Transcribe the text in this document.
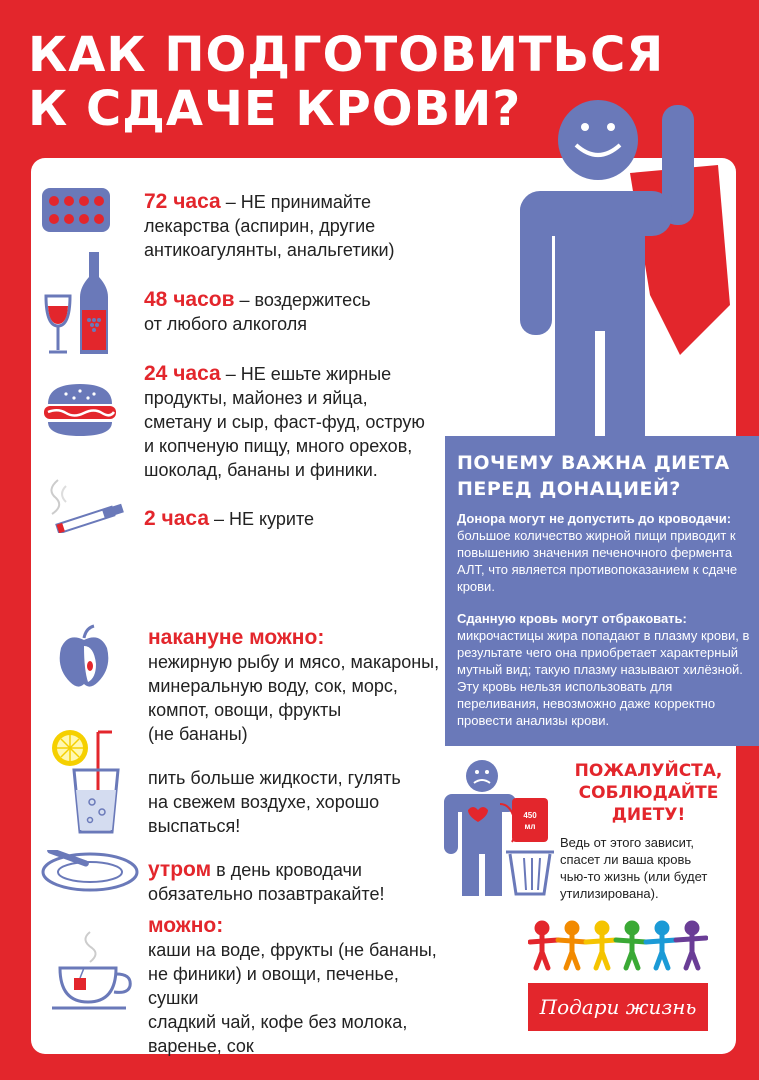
КАК ПОДГОТОВИТЬСЯ
К СДАЧЕ КРОВИ?
72 часа – НЕ принимайте
лекарства (аспирин, другие
антикоагулянты, анальгетики)
48 часов – воздержитесь
от любого алкоголя
24 часа – НЕ ешьте жирные
продукты, майонез и яйца,
сметану и сыр, фаст-фуд, острую
и копченую пищу, много орехов,
шоколад, бананы и финики.
2 часа – НЕ курите
накануне можно:
нежирную рыбу и мясо, макароны,
минеральную воду, сок, морс,
компот, овощи, фрукты
(не бананы)
пить больше жидкости, гулять
на свежем воздухе, хорошо
выспаться!
утром в день кроводачи
обязательно позавтракайте!
можно:
каши на воде, фрукты (не бананы,
не финики) и овощи, печенье, сушки
сладкий чай, кофе без молока,
варенье, сок
ПОЧЕМУ ВАЖНА ДИЕТА
ПЕРЕД ДОНАЦИЕЙ?

Донора могут не допустить до кроводачи:
большое количество жирной пищи приводит к повышению значения печеночного фермента АЛТ, что является противопоказанием к сдаче крови.

Сданную кровь могут отбраковать:
микрочастицы жира попадают в плазму крови, в результате чего она приобретает характерный мутный вид; такую плазму называют хилёзной. Эту кровь нельзя использовать для переливания, невозможно даже корректно провести анализы крови.

450
мл
ПОЖАЛУЙСТА,
СОБЛЮДАЙТЕ
ДИЕТУ!
Ведь от этого зависит, спасет ли ваша кровь чью-то жизнь (или будет утилизирована).
Подари жизнь
